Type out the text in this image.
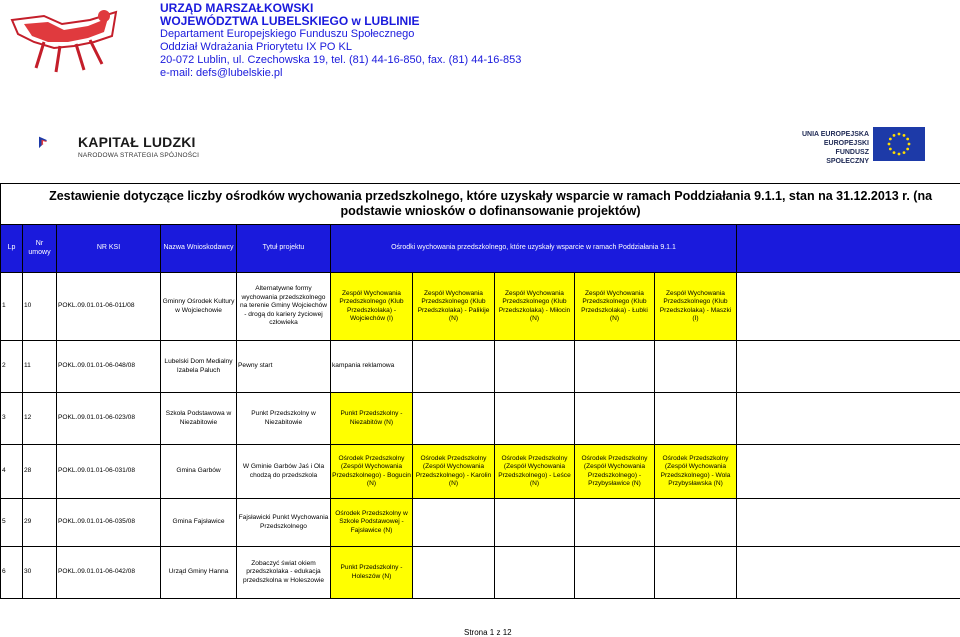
URZĄD MARSZAŁKOWSKI
WOJEWÓDZTWA LUBELSKIEGO w LUBLINIE
Departament Europejskiego Funduszu Społecznego
Oddział Wdrażania Priorytetu IX PO KL
20-072 Lublin, ul. Czechowska 19, tel. (81) 44-16-850, fax. (81) 44-16-853
e-mail: defs@lubelskie.pl
KAPITAŁ LUDZKI
NARODOWA STRATEGIA SPÓJNOŚCI
UNIA EUROPEJSKA
EUROPEJSKI
FUNDUSZ SPOŁECZNY
Zestawienie dotyczące liczby ośrodków wychowania przedszkolnego, które uzyskały wsparcie w ramach Poddziałania 9.1.1, stan na 31.12.2013 r. (na podstawie wniosków o dofinansowanie projektów)										
Lp	Nr umowy	NR KSI	Nazwa Wnioskodawcy	Tytuł projektu	Ośrodki wychowania przedszkolnego, które uzyskały wsparcie w ramach Poddziałania 9.1.1					
1	10	POKL.09.01.01-06-011/08	Gminny Ośrodek Kultury w Wojciechowie	Alternatywne formy wychowania przedszkolnego na terenie Gminy Wojciechów - drogą do kariery życiowej człowieka	Zespół Wychowania Przedszkolnego (Klub Przedszkolaka) - Wojciechów (I)	Zespół Wychowania Przedszkolnego (Klub Przedszkolaka) - Palikije (N)	Zespół Wychowania Przedszkolnego (Klub Przedszkolaka) - Miłocin (N)	Zespół Wychowania Przedszkolnego (Klub Przedszkolaka) - Łubki (N)	Zespół Wychowania Przedszkolnego (Klub Przedszkolaka) - Maszki (I)	
2	11	POKL.09.01.01-06-048/08	Lubelski Dom Medialny Izabela Paluch	Pewny start	kampania reklamowa					
3	12	POKL.09.01.01-06-023/08	Szkoła Podstawowa w Niezabitowie	Punkt Przedszkolny w Niezabitowie	Punkt Przedszkolny - Niezabitów (N)					
4	28	POKL.09.01.01-06-031/08	Gmina Garbów	W Gminie Garbów Jaś i Ola chodzą do przedszkola	Ośrodek Przedszkolny (Zespół Wychowania Przedszkolnego) - Bogucin (N)	Ośrodek Przedszkolny (Zespół Wychowania Przedszkolnego) - Karolin (N)	Ośrodek Przedszkolny (Zespół Wychowania Przedszkolnego) - Leśce (N)	Ośrodek Przedszkolny (Zespół Wychowania Przedszkolnego) - Przybysławice (N)	Ośrodek Przedszkolny (Zespół Wychowania Przedszkolnego) - Wola Przybysławska (N)	
5	29	POKL.09.01.01-06-035/08	Gmina Fajsławice	Fajsławicki Punkt Wychowania Przedszkolnego	Ośrodek Przedszkolny w Szkole Podstawowej - Fajsławice (N)					
6	30	POKL.09.01.01-06-042/08	Urząd Gminy Hanna	Zobaczyć świat okiem przedszkolaka - edukacja przedszkolna w Holeszowie	Punkt Przedszkolny - Holeszów (N)					
Strona 1 z 12
